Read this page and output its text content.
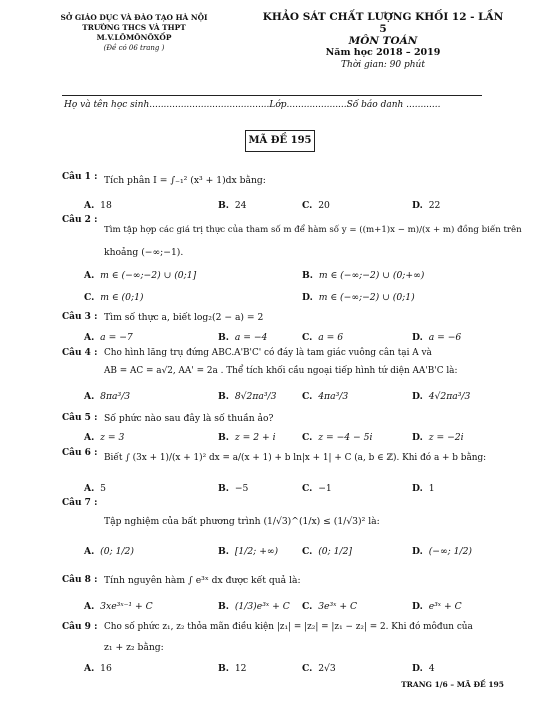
SỞ GIÁO DỤC VÀ ĐÀO TẠO HÀ NỘI
TRƯỜNG THCS VÀ THPT M.V.LÔMÔNÔXỐP
(Đề có 06 trang )
KHẢO SÁT CHẤT LƯỢNG KHỐI 12 - LẦN 5
MÔN TOÁN
Năm học 2018 – 2019
Thời gian: 90 phút
Họ và tên học sinh..........................................Lớp.....................Số báo danh ............
MÃ ĐỀ 195
Câu 1 : Tích phân I = ∫₋₁² (x³ + 1)dx bằng:
A. 18	B. 24	C. 20	D. 22
Câu 2 :
Tìm tập hợp các giá trị thực của tham số m để hàm số y = ((m+1)x − m)/(x + m) đồng biến trên
khoảng (−∞;−1).
A. m ∈ (−∞;−2) ∪ (0;1]	B. m ∈ (−∞;−2) ∪ (0;+∞)
C. m ∈ (0;1)	D. m ∈ (−∞;−2) ∪ (0;1)
Câu 3 : Tìm số thực a, biết log₂(2 − a) = 2
A. a = −7	B. a = −4	C. a = 6	D. a = −6
Câu 4 : Cho hình lăng trụ đứng ABC.A'B'C' có đáy là tam giác vuông cân tại A và
AB = AC = a√2, AA' = 2a . Thể tích khối cầu ngoại tiếp hình tứ diện AA'B'C là:
A. 8πa³/3	B. 8√2πa³/3	C. 4πa³/3	D. 4√2πa³/3
Câu 5 : Số phức nào sau đây là số thuần ảo?
A. z = 3	B. z = 2 + i	C. z = −4 − 5i	D. z = −2i
Câu 6 : Biết ∫ (3x + 1)/(x + 1)² dx = a/(x + 1) + b ln|x + 1| + C (a, b ∈ ℤ). Khi đó a + b bằng:
A. 5	B. −5	C. −1	D. 1
Câu 7 :
Tập nghiệm của bất phương trình (1/√3)^(1/x) ≤ (1/√3)² là:
A. (0; 1/2)	B. [1/2; +∞)	C. (0; 1/2]	D. (−∞; 1/2)
Câu 8 : Tính nguyên hàm ∫ e³ˣ dx được kết quả là:
A. 3xe³ˣ⁻¹ + C	B. (1/3)e³ˣ + C C. 3e³ˣ + C	D. e³ˣ + C
Câu 9 : Cho số phức z₁, z₂ thỏa mãn điều kiện |z₁| = |z₂| = |z₁ − z₂| = 2. Khi đó môđun của
z₁ + z₂ bằng:
A. 16	B. 12	C. 2√3	D. 4
TRANG 1/6 – MÃ ĐỀ 195
